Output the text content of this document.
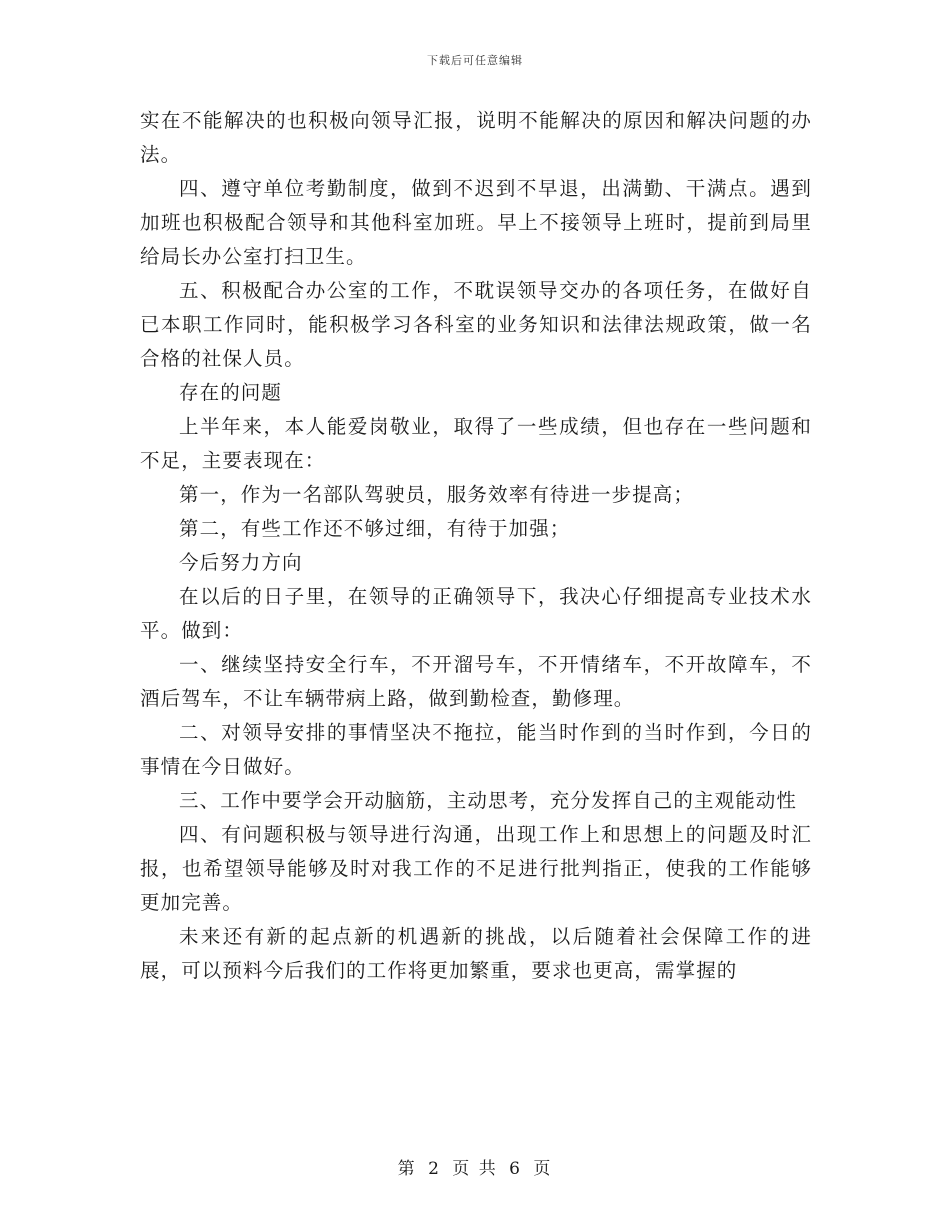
下载后可任意编辑

实在不能解决的也积极向领导汇报，说明不能解决的原因和解决问题的办法。

四、遵守单位考勤制度，做到不迟到不早退，出满勤、干满点。遇到加班也积极配合领导和其他科室加班。早上不接领导上班时，提前到局里给局长办公室打扫卫生。

五、积极配合办公室的工作，不耽误领导交办的各项任务，在做好自已本职工作同时，能积极学习各科室的业务知识和法律法规政策，做一名合格的社保人员。

存在的问题

上半年来，本人能爱岗敬业，取得了一些成绩，但也存在一些问题和不足，主要表现在：

第一，作为一名部队驾驶员，服务效率有待进一步提高；

第二，有些工作还不够过细，有待于加强；

今后努力方向

在以后的日子里，在领导的正确领导下，我决心仔细提高专业技术水平。做到：

一、继续坚持安全行车，不开溜号车，不开情绪车，不开故障车，不酒后驾车，不让车辆带病上路，做到勤检查，勤修理。

二、对领导安排的事情坚决不拖拉，能当时作到的当时作到，今日的事情在今日做好。

三、工作中要学会开动脑筋，主动思考，充分发挥自己的主观能动性

四、有问题积极与领导进行沟通，出现工作上和思想上的问题及时汇报，也希望领导能够及时对我工作的不足进行批判指正，使我的工作能够更加完善。

未来还有新的起点新的机遇新的挑战，以后随着社会保障工作的进展，可以预料今后我们的工作将更加繁重，要求也更高，需掌握的

第 2 页 共 6 页
